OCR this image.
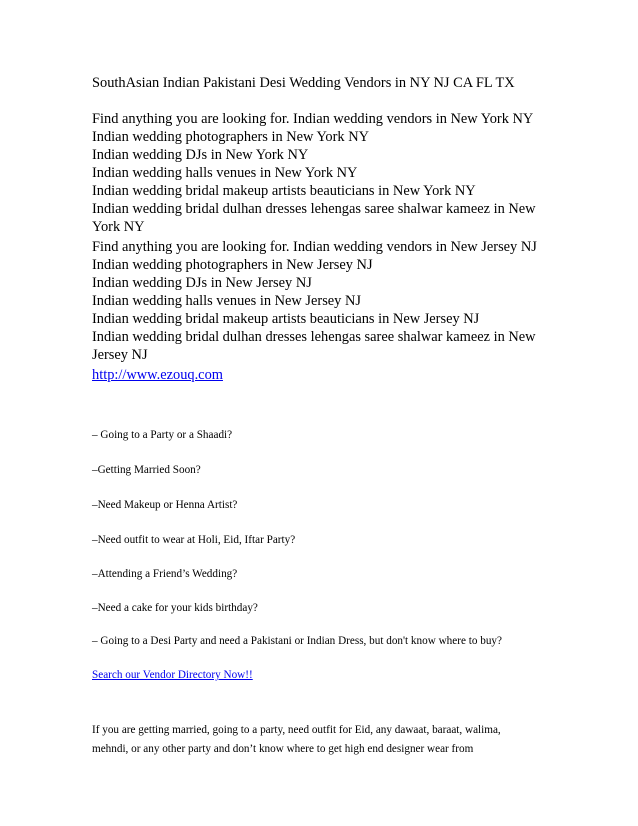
SouthAsian Indian Pakistani Desi Wedding Vendors in NY NJ CA FL TX
Find anything you are looking for. Indian wedding vendors in New York NY
Indian wedding photographers in New York NY
Indian wedding DJs in New York NY
Indian wedding halls venues in New York NY
Indian wedding bridal makeup artists beauticians in New York NY
Indian wedding bridal dulhan dresses lehengas saree shalwar kameez in New
York NY
Find anything you are looking for. Indian wedding vendors in New Jersey NJ
Indian wedding photographers in New Jersey NJ
Indian wedding DJs in New Jersey NJ
Indian wedding halls venues in New Jersey NJ
Indian wedding bridal makeup artists beauticians in New Jersey NJ
Indian wedding bridal dulhan dresses lehengas saree shalwar kameez in New
Jersey NJ
http://www.ezouq.com
– Going to a Party or a Shaadi?
–Getting Married Soon?
–Need Makeup or Henna Artist?
–Need outfit to wear at Holi, Eid, Iftar Party?
–Attending a Friend’s Wedding?
–Need a cake for your kids birthday?
– Going to a Desi Party and need a Pakistani or Indian Dress, but don't know where to buy?
Search our Vendor Directory Now!!
If you are getting married, going to a party, need outfit for Eid, any dawaat, baraat, walima,
mehndi, or any other party and don’t know where to get high end designer wear from
